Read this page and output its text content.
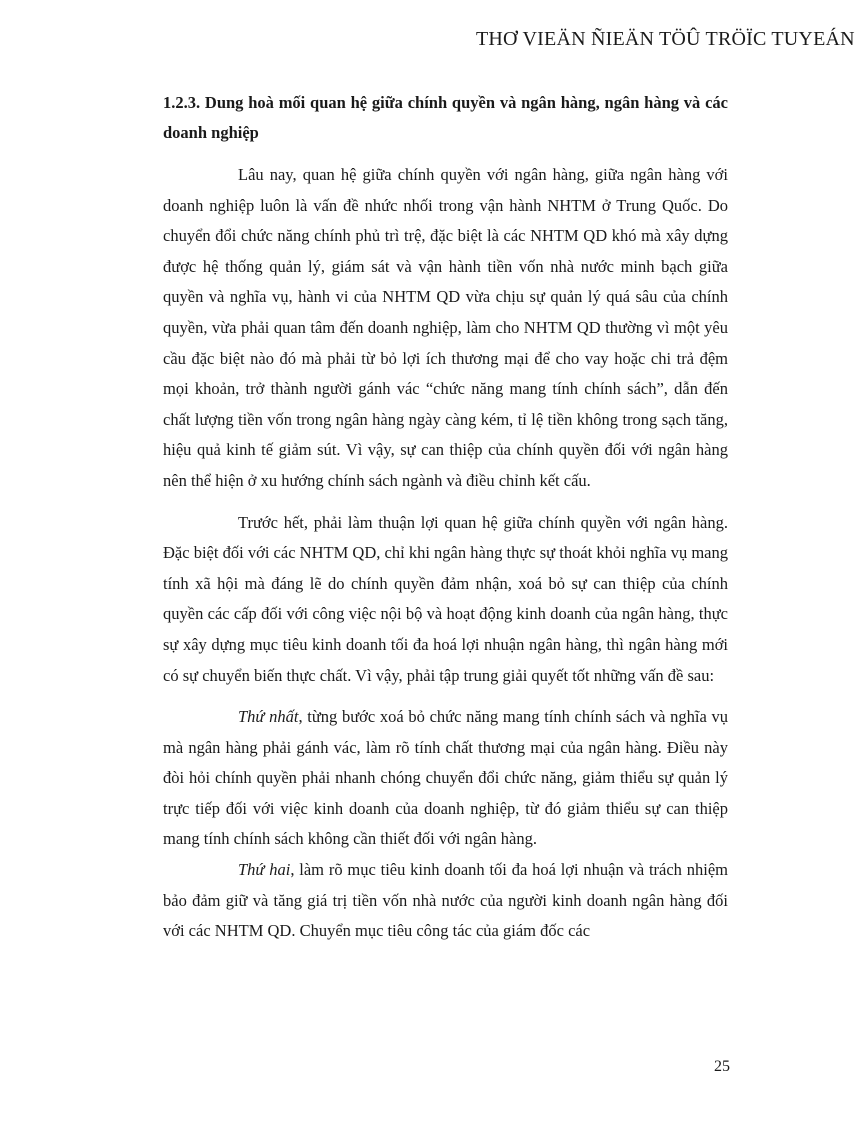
THƠ VIEÄN ÑIEÄN TÖÛ TRÖÏC TUYEÁN
1.2.3. Dung hoà mối quan hệ giữa chính quyền và ngân hàng, ngân hàng và các doanh nghiệp

Lâu nay, quan hệ giữa chính quyền với ngân hàng, giữa ngân hàng với doanh nghiệp luôn là vấn đề nhức nhối trong vận hành NHTM ở Trung Quốc. Do chuyển đổi chức năng chính phủ trì trệ, đặc biệt là các NHTM QD khó mà xây dựng được hệ thống quản lý, giám sát và vận hành tiền vốn nhà nước minh bạch giữa quyền và nghĩa vụ, hành vi của NHTM QD vừa chịu sự quản lý quá sâu của chính quyền, vừa phải quan tâm đến doanh nghiệp, làm cho NHTM QD thường vì một yêu cầu đặc biệt nào đó mà phải từ bỏ lợi ích thương mại để cho vay hoặc chi trả đệm mọi khoản, trở thành người gánh vác “chức năng mang tính chính sách”, dẫn đến chất lượng tiền vốn trong ngân hàng ngày càng kém, tỉ lệ tiền không trong sạch tăng, hiệu quả kinh tế giảm sút. Vì vậy, sự can thiệp của chính quyền đối với ngân hàng nên thể hiện ở xu hướng chính sách ngành và điều chỉnh kết cấu.

Trước hết, phải làm thuận lợi quan hệ giữa chính quyền với ngân hàng. Đặc biệt đối với các NHTM QD, chỉ khi ngân hàng thực sự thoát khỏi nghĩa vụ mang tính xã hội mà đáng lẽ do chính quyền đảm nhận, xoá bỏ sự can thiệp của chính quyền các cấp đối với công việc nội bộ và hoạt động kinh doanh của ngân hàng, thực sự xây dựng mục tiêu kinh doanh tối đa hoá lợi nhuận ngân hàng, thì ngân hàng mới có sự chuyển biến thực chất. Vì vậy, phải tập trung giải quyết tốt những vấn đề sau:

Thứ nhất, từng bước xoá bỏ chức năng mang tính chính sách và nghĩa vụ mà ngân hàng phải gánh vác, làm rõ tính chất thương mại của ngân hàng. Điều này đòi hỏi chính quyền phải nhanh chóng chuyển đổi chức năng, giảm thiểu sự quản lý trực tiếp đối với việc kinh doanh của doanh nghiệp, từ đó giảm thiểu sự can thiệp mang tính chính sách không cần thiết đối với ngân hàng.

Thứ hai, làm rõ mục tiêu kinh doanh tối đa hoá lợi nhuận và trách nhiệm bảo đảm giữ và tăng giá trị tiền vốn nhà nước của người kinh doanh ngân hàng đối với các NHTM QD. Chuyển mục tiêu công tác của giám đốc các

25
